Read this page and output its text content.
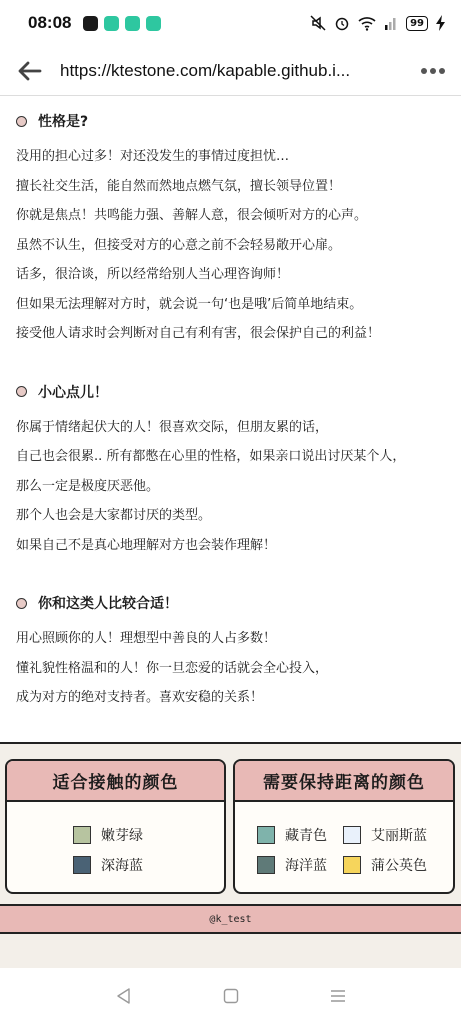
08:08	99
https://ktestone.com/kapable.github.i...
性格是?
没用的担心过多！对还没发生的事情过度担忧…
擅长社交生活，能自然而然地点燃气氛，擅长领导位置！
你就是焦点！共鸣能力强、善解人意，很会倾听对方的心声。
虽然不认生，但接受对方的心意之前不会轻易敞开心扉。
话多，很洽谈，所以经常给别人当心理咨询师！
但如果无法理解对方时，就会说一句‘也是哦’后简单地结束。
接受他人请求时会判断对自己有利有害，很会保护自己的利益！
小心点儿！
你属于情绪起伏大的人！很喜欢交际，但朋友累的话，
自己也会很累.. 所有都憋在心里的性格，如果亲口说出讨厌某个人，
那么一定是极度厌恶他。
那个人也会是大家都讨厌的类型。
如果自己不是真心地理解对方也会装作理解！
你和这类人比较合适！
用心照顾你的人！理想型中善良的人占多数！
懂礼貌性格温和的人！你一旦恋爱的话就会全心投入，
成为对方的绝对支持者。喜欢安稳的关系！
适合接触的颜色
嫩芽绿
深海蓝
需要保持距离的颜色
藏青色	艾丽斯蓝
海洋蓝	蒲公英色
@k_test
